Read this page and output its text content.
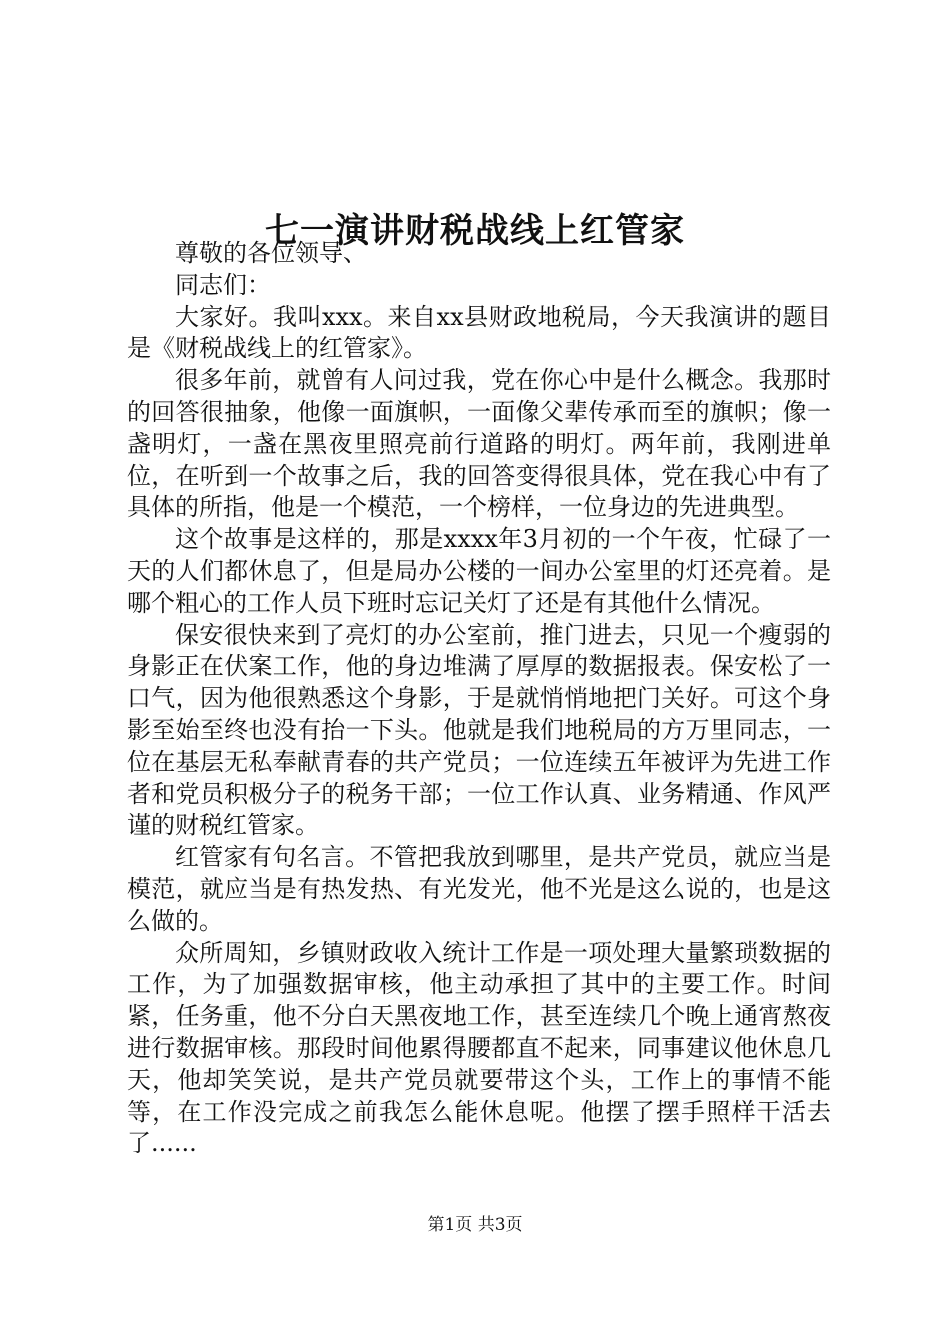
七一演讲财税战线上红管家

尊敬的各位领导、

同志们：

大家好。我叫xxx。来自xx县财政地税局，今天我演讲的题目是《财税战线上的红管家》。

很多年前，就曾有人问过我，党在你心中是什么概念。我那时的回答很抽象，他像一面旗帜，一面像父辈传承而至的旗帜；像一盏明灯，一盏在黑夜里照亮前行道路的明灯。两年前，我刚进单位，在听到一个故事之后，我的回答变得很具体，党在我心中有了具体的所指，他是一个模范，一个榜样，一位身边的先进典型。

这个故事是这样的，那是xxxx年3月初的一个午夜，忙碌了一天的人们都休息了，但是局办公楼的一间办公室里的灯还亮着。是哪个粗心的工作人员下班时忘记关灯了还是有其他什么情况。

保安很快来到了亮灯的办公室前，推门进去，只见一个瘦弱的身影正在伏案工作，他的身边堆满了厚厚的数据报表。保安松了一口气，因为他很熟悉这个身影，于是就悄悄地把门关好。可这个身影至始至终也没有抬一下头。他就是我们地税局的方万里同志，一位在基层无私奉献青春的共产党员；一位连续五年被评为先进工作者和党员积极分子的税务干部；一位工作认真、业务精通、作风严谨的财税红管家。

红管家有句名言。不管把我放到哪里，是共产党员，就应当是模范，就应当是有热发热、有光发光，他不光是这么说的，也是这么做的。

众所周知，乡镇财政收入统计工作是一项处理大量繁琐数据的工作，为了加强数据审核，他主动承担了其中的主要工作。时间紧，任务重，他不分白天黑夜地工作，甚至连续几个晚上通宵熬夜进行数据审核。那段时间他累得腰都直不起来，同事建议他休息几天，他却笑笑说，是共产党员就要带这个头，工作上的事情不能等，在工作没完成之前我怎么能休息呢。他摆了摆手照样干活去了......

第1页 共3页
